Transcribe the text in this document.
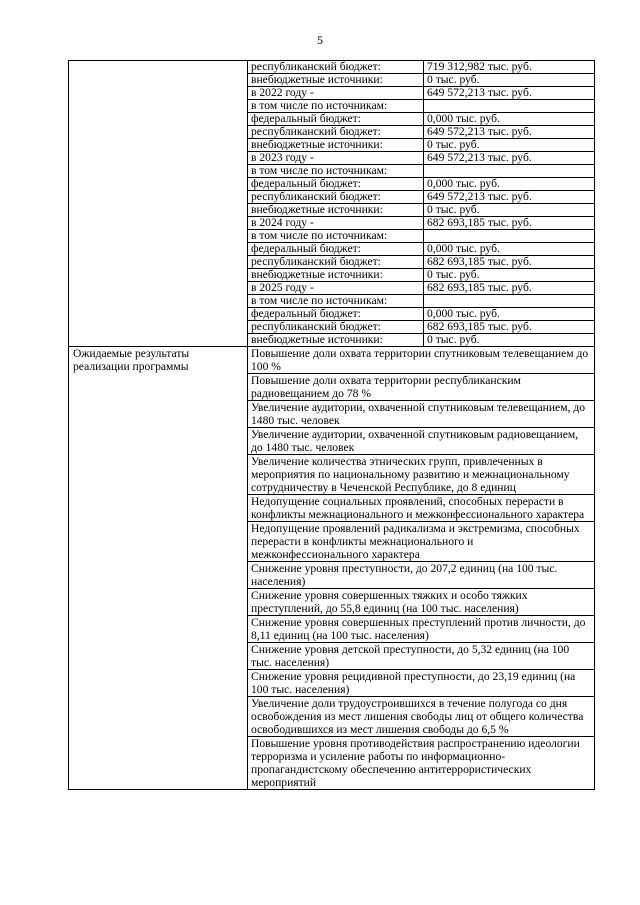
5
	республиканский бюджет:	719 312,982 тыс. руб.
	внебюджетные источники:	0 тыс. руб.
	в 2022 году -	649 572,213 тыс. руб.
	в том числе по источникам:	
	федеральный бюджет:	0,000 тыс. руб.
	республиканский бюджет:	649 572,213 тыс. руб.
	внебюджетные источники:	0 тыс. руб.
	в 2023 году -	649 572,213 тыс. руб.
	в том числе по источникам:	
	федеральный бюджет:	0,000 тыс. руб.
	республиканский бюджет:	649 572,213 тыс. руб.
	внебюджетные источники:	0 тыс. руб.
	в 2024 году -	682 693,185 тыс. руб.
	в том числе по источникам:	
	федеральный бюджет:	0,000 тыс. руб.
	республиканский бюджет:	682 693,185 тыс. руб.
	внебюджетные источники:	0 тыс. руб.
	в 2025 году -	682 693,185 тыс. руб.
	в том числе по источникам:	
	федеральный бюджет:	0,000 тыс. руб.
	республиканский бюджет:	682 693,185 тыс. руб.
	внебюджетные источники:	0 тыс. руб.
Ожидаемые результаты реализации программы	Повышение доли охвата территории спутниковым телевещанием до 100 %	
	Повышение доли охвата территории республиканским радиовещанием до 78 %	
	Увеличение аудитории, охваченной спутниковым телевещанием, до 1480 тыс. человек	
	Увеличение аудитории, охваченной спутниковым радиовещанием, до 1480 тыс. человек	
	Увеличение количества этнических групп, привлеченных в мероприятия по национальному развитию и межнациональному сотрудничеству в Чеченской Республике, до 8 единиц	
	Недопущение социальных проявлений, способных перерасти в конфликты межнационального и межконфессионального характера	
	Недопущение проявлений радикализма и экстремизма, способных перерасти в конфликты межнационального и межконфессионального характера	
	Снижение уровня преступности, до 207,2 единиц (на 100 тыс. населения)	
	Снижение уровня совершенных тяжких и особо тяжких преступлений, до 55,8 единиц (на 100 тыс. населения)	
	Снижение уровня совершенных преступлений против личности, до 8,11 единиц (на 100 тыс. населения)	
	Снижение уровня детской преступности, до 5,32 единиц (на 100 тыс. населения)	
	Снижение уровня рецидивной преступности, до 23,19 единиц (на 100 тыс. населения)	
	Увеличение доли трудоустроившихся в течение полугода со дня освобождения из мест лишения свободы лиц от общего количества освободившихся из мест лишения свободы до 6,5 %	
	Повышение уровня противодействия распространению идеологии терроризма и усиление работы по информационно-пропагандистскому обеспечению антитеррористических мероприятий	
